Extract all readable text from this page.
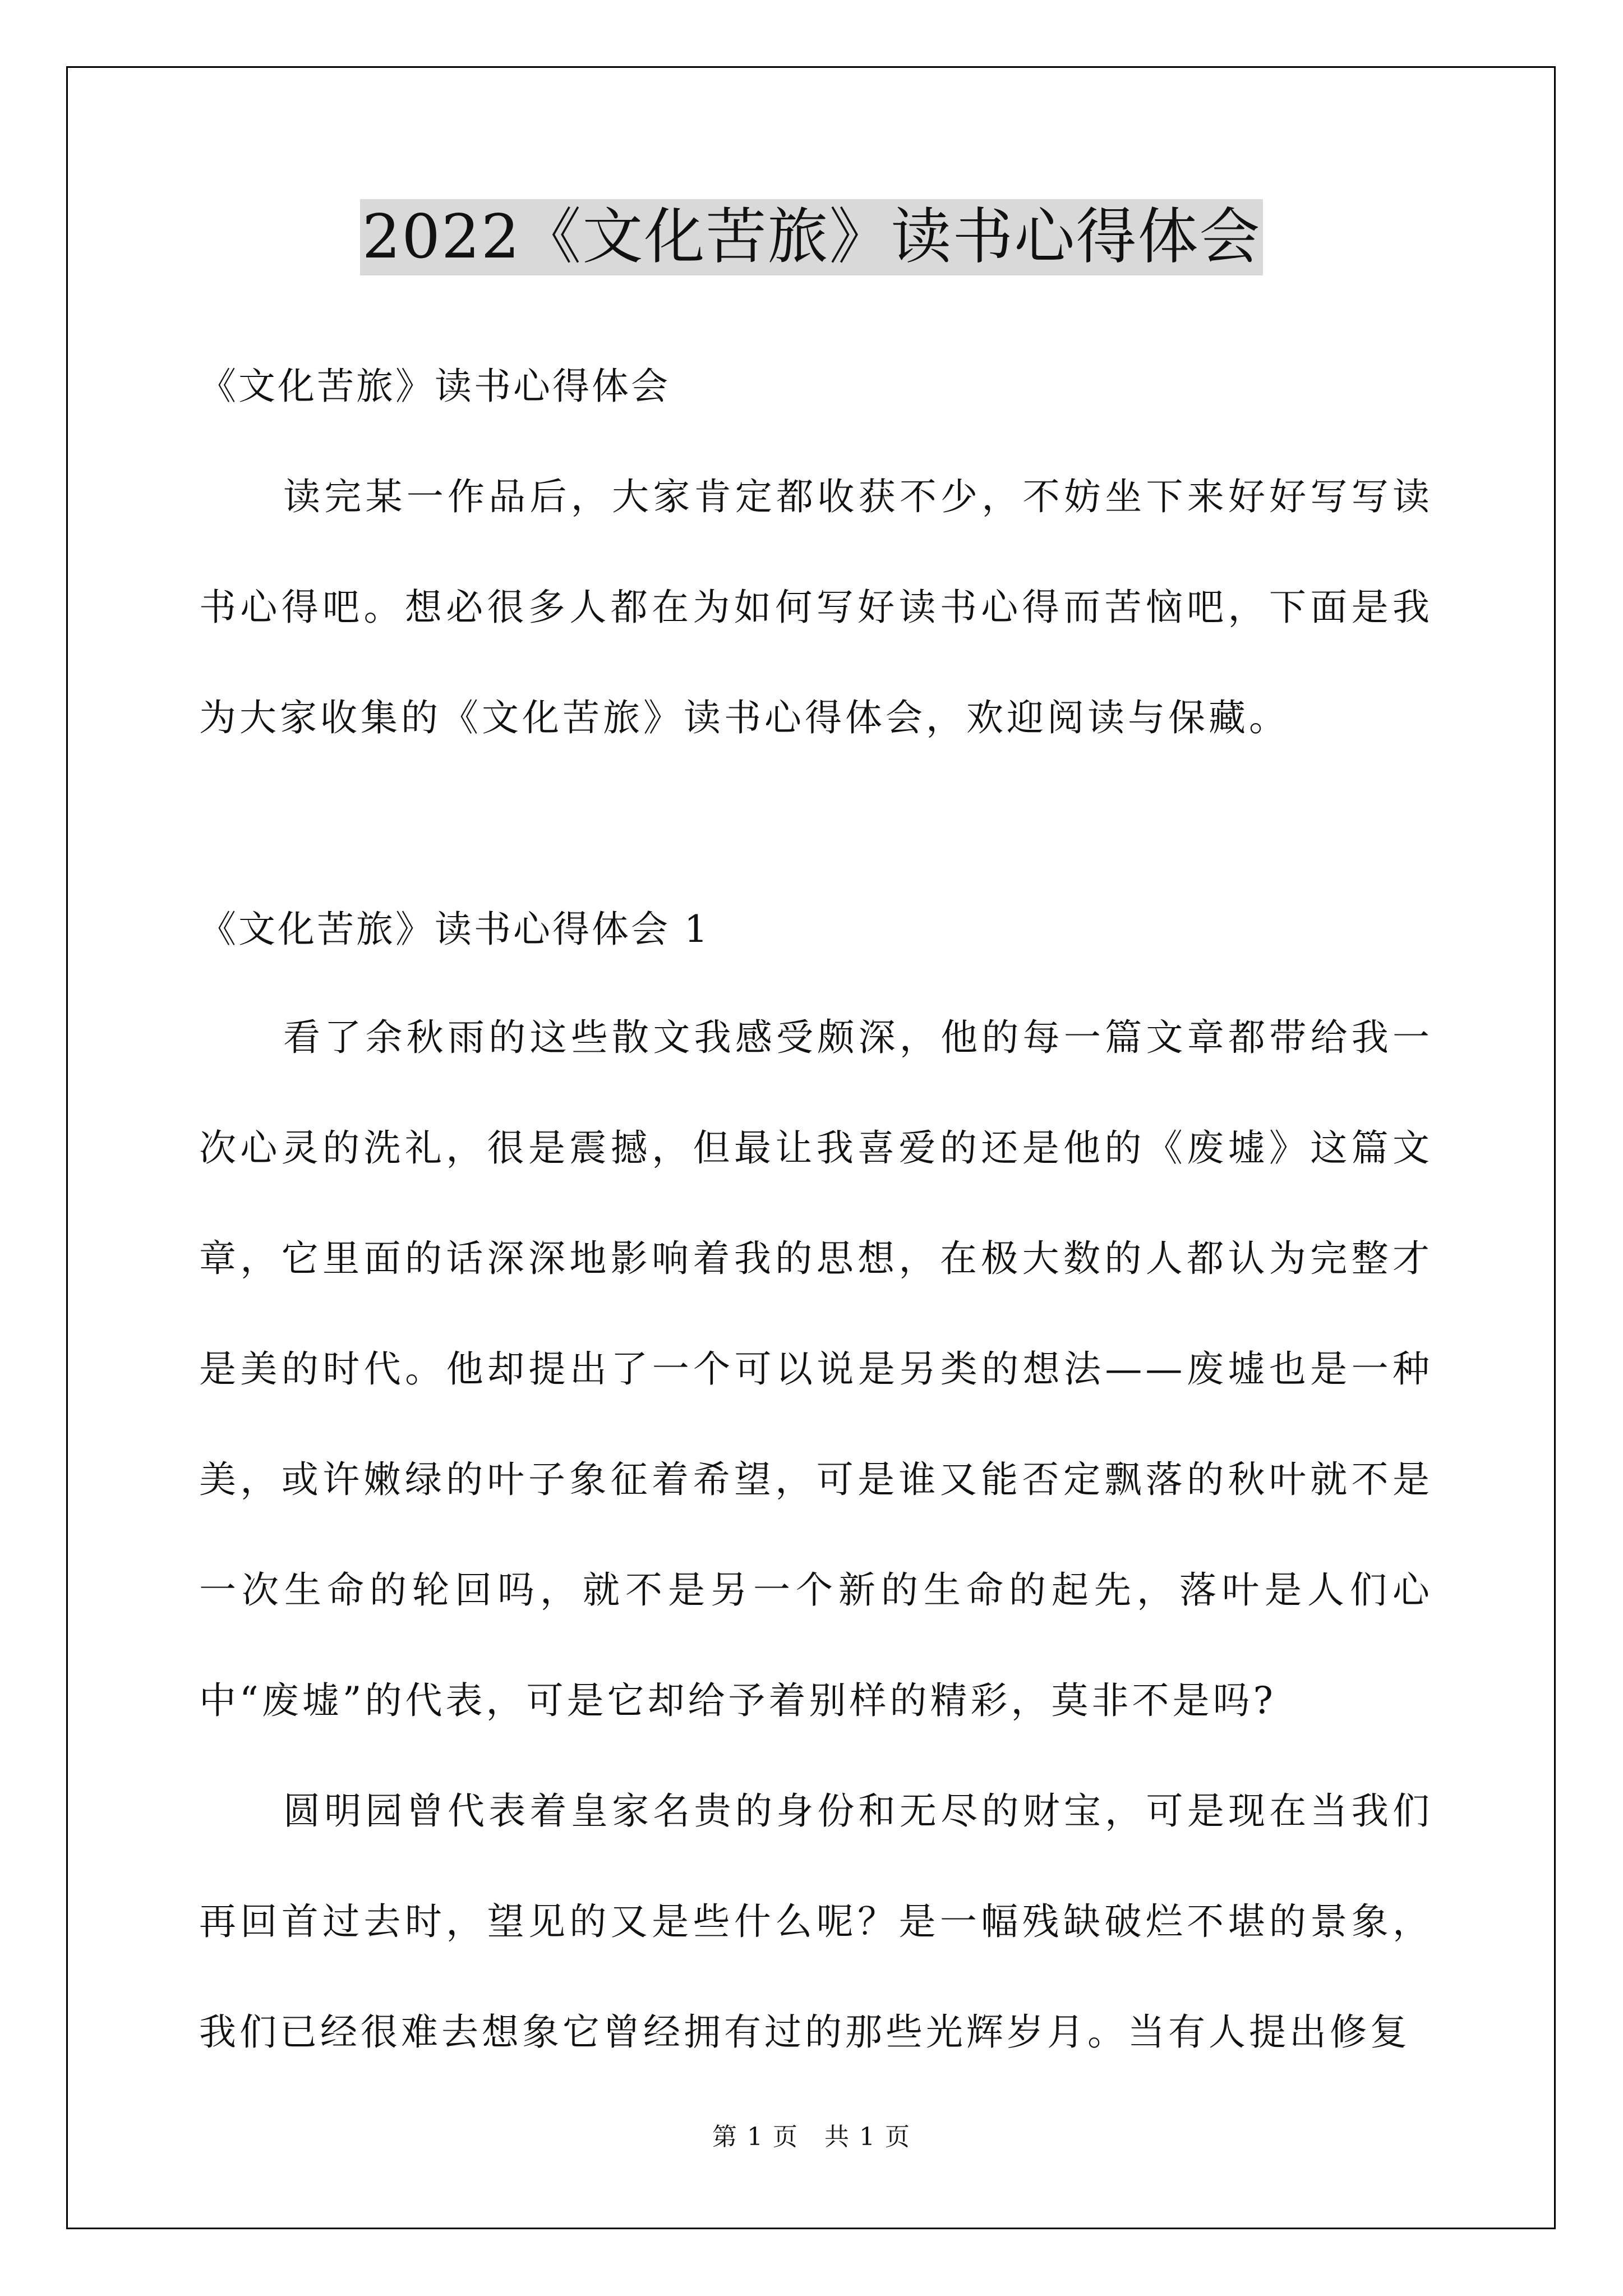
2022《文化苦旅》读书心得体会

《文化苦旅》读书心得体会

读完某一作品后，大家肯定都收获不少，不妨坐下来好好写写读书心得吧。想必很多人都在为如何写好读书心得而苦恼吧，下面是我为大家收集的《文化苦旅》读书心得体会，欢迎阅读与保藏。

《文化苦旅》读书心得体会 1

看了余秋雨的这些散文我感受颇深，他的每一篇文章都带给我一次心灵的洗礼，很是震撼，但最让我喜爱的还是他的《废墟》这篇文章，它里面的话深深地影响着我的思想，在极大数的人都认为完整才是美的时代。他却提出了一个可以说是另类的想法——废墟也是一种美，或许嫩绿的叶子象征着希望，可是谁又能否定飘落的秋叶就不是一次生命的轮回吗，就不是另一个新的生命的起先，落叶是人们心中“废墟”的代表，可是它却给予着别样的精彩，莫非不是吗?

圆明园曾代表着皇家名贵的身份和无尽的财宝，可是现在当我们再回首过去时，望见的又是些什么呢？是一幅残缺破烂不堪的景象，我们已经很难去想象它曾经拥有过的那些光辉岁月。当有人提出修复

第 1 页　共 1 页
